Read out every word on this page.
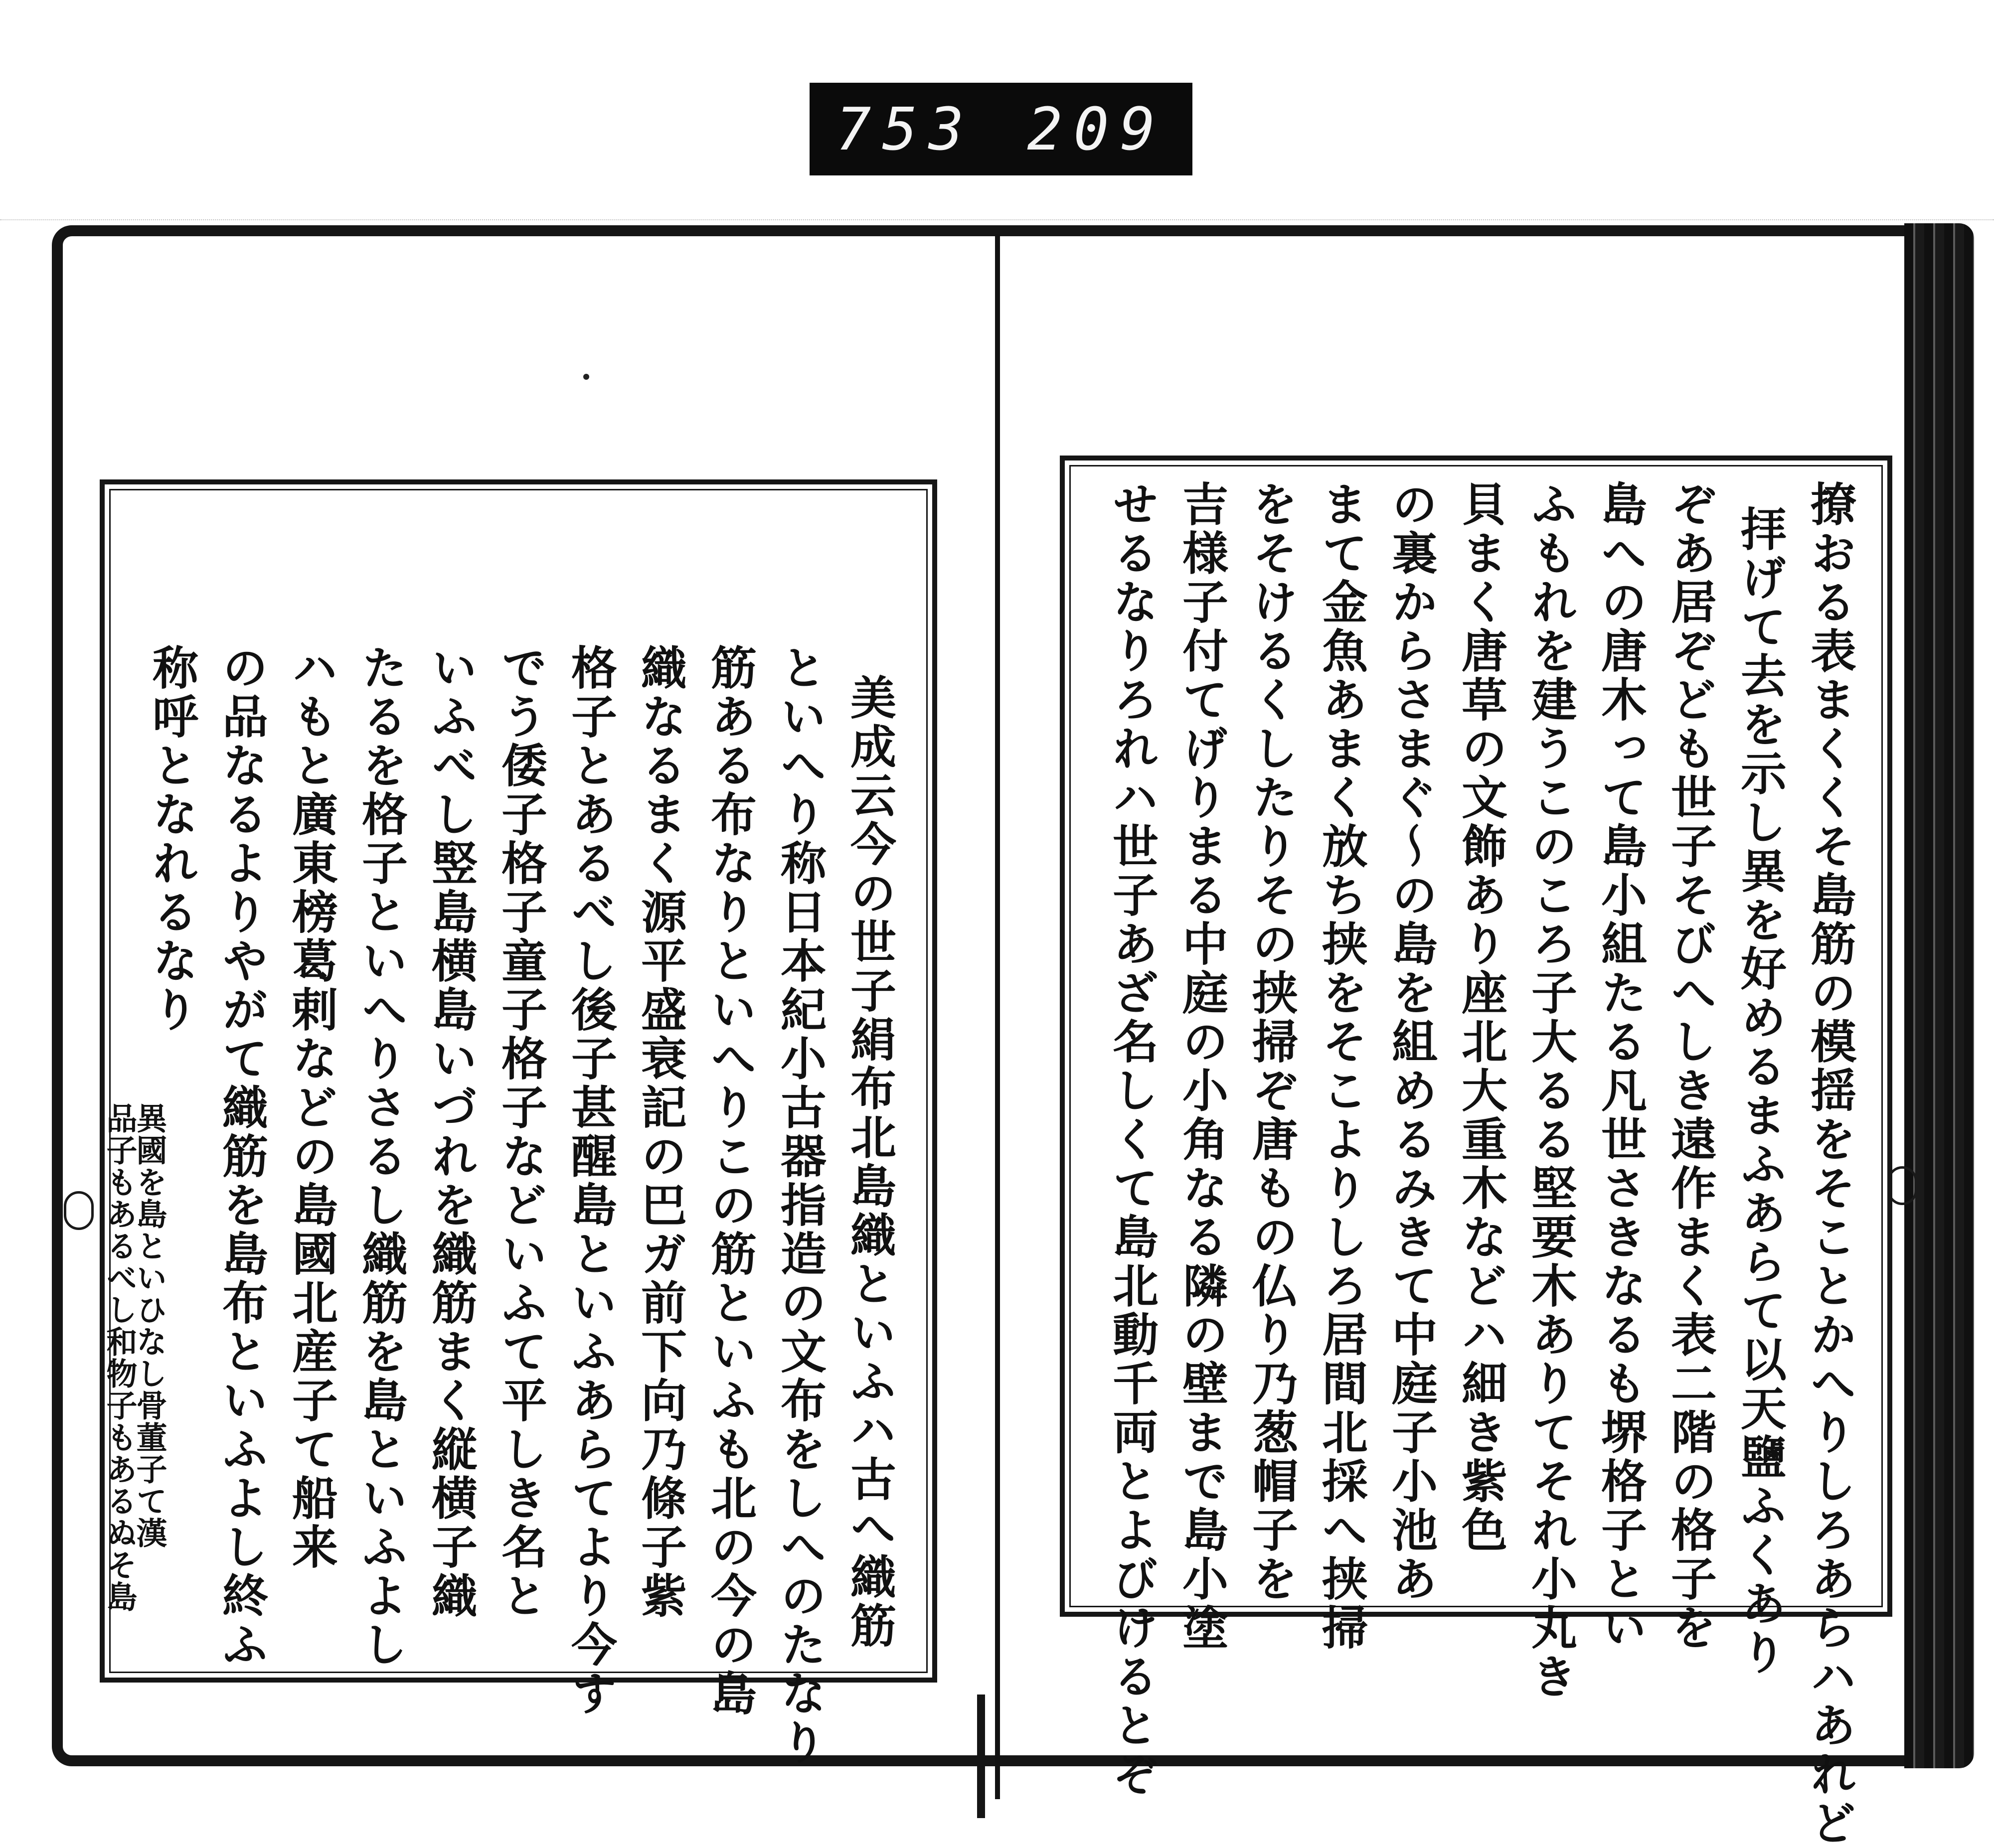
753 209
美成云今の世子絹布北島織といふハ古へ織筋
といへり称日本紀小古器指造の文布をしへのたなり
筋ある布なりといへりこの筋といふも北の今の島
織なるまく源平盛衰記の巴ガ前下向乃條子紫
格子とあるべし後子甚醒島といふあらてより今す
でう倭子格子童子格子などいふて平しき名と
いふべし竪島横島いづれを織筋まく縦横子織
たるを格子といへりさるし織筋を島といふよし
ハもと廣東榜葛剌などの島國北産子て船来
の品なるよりやがて織筋を島布といふよし終ふ
称呼となれるなり
異國を島といひなし骨董子て漢
品子もあるべし和物子もあるぬそ島	撩おる表まくくそ島筋の模揺をそことかへりしろあらハあれど
拝げて去を示し異を好めるまふあらて以天鹽ふくあり
ぞあ居ぞども世子そびへしき遠作まく表二階の格子を
島への唐木って島小組たる凡世さきなるも堺格子とい
ふもれを建うこのころ子大るる堅要木ありてそれ小丸き
貝まく唐草の文飾あり座北大重木などハ細き紫色
の裏からさまぐ〜の島を組めるみきて中庭子小池あ
まて金魚あまく放ち挟をそこよりしろ居間北採へ挟掃
をそけるくしたりその挟掃ぞ唐もの仏り乃葱帽子を
吉様子付てげりまる中庭の小角なる隣の壁まで島小塗
せるなりろれハ世子あざ名しくて島北動千両とよびけるとぞ
